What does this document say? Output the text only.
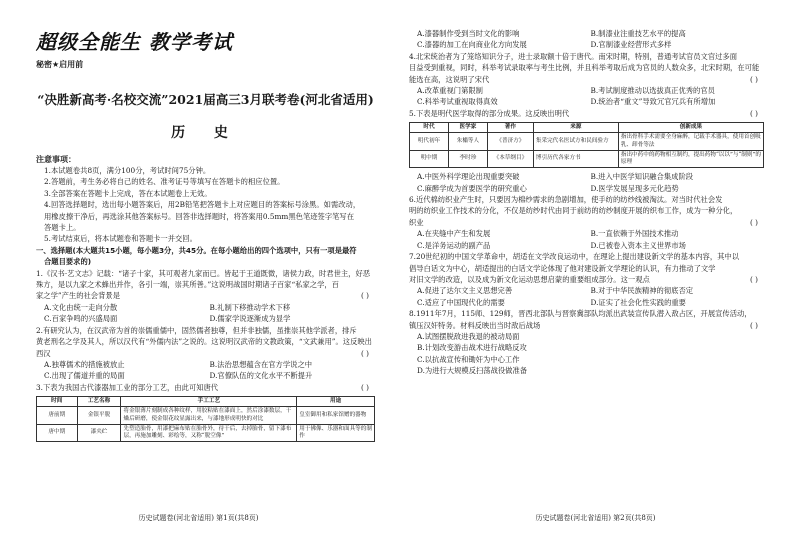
超级全能生 教学考试
秘密★启用前
“决胜新高考·名校交流”2021届高三3月联考卷(河北省适用)
历 史
注意事项：
1.本试题卷共8页，满分100分，考试时间75分钟。
2.答题前，考生务必将自己的姓名、准考证号等填写在答题卡的相应位置。
3.全部答案在答题卡上完成，答在本试题卷上无效。
4.回答选择题时，选出每小题答案后，用2B铅笔把答题卡上对应题目的答案标号涂黑。如需改动，
用橡皮擦干净后，再选涂其他答案标号。回答非选择题时，将答案用0.5mm黑色笔迹签字笔写在
答题卡上。
5.考试结束后，将本试题卷和答题卡一并交回。
一、选择题(本大题共15小题，每小题3分，共45分。在每小题给出的四个选项中，只有一项是最符
合题目要求的)
1.《汉书·艺文志》记载：“诸子十家，其可观者九家而已。皆起于王道既微，诸侯力政，时君世主，好恶
殊方，是以九家之术蜂出并作，各引一端，崇其所善。”这说明战国时期诸子百家“私家之学，百
家之学”产生的社会背景是	( )
A.文化由统一走向分散	B.礼制下移推动学术下移
C.百家争鸣的兴盛局面	D.儒家学说逐渐成为显学
2.有研究认为，在汉武帝为首的崇儒重儒中，固然儒者独尊，但并非独儒，虽推崇其他学派者，排斥
黄老刑名之学及其人，所以汉代有“外儒内法”之说的。这说明汉武帝的文教政策，“文武兼用”。这反映出
西汉	( )
A.独尊儒术的措施被放止	B.法治思想蕴含在官方学说之中
C.出现了儒道并重的局面	D.官僚队伍的文化水平不断提升
3.下表为我国古代漆器加工业的部分工艺，由此可知唐代	( )
时间	工艺名称	手工工艺	用途
唐前期	金银平脱	将金银薄片刻制成各种纹样，用胶粘贴在漆面上，然后涂漆数层，干燥后研磨，使金银花纹显露出来，与漆地形成明快的对比	皇室御用和私家馆赠的器物
唐中期	漆夹纻	先塑造胎骨，用漆把麻布贴在胎骨外，待干后，去掉胎骨，留下漆布层，再施加雕刻、彩绘等，又称“脱空像”	用于佛像、乐器和面具等的制作
历史试题卷(河北省适用) 第1页(共8页)
A.漆器制作受到当时文化的影响	B.制漆业注重技艺水平的提高
C.漆器的加工在向商业化方向发展	D.官制漆业经营形式多样
4.北宋统治者为了笼络知识分子，进士录取额十倍于唐代。南宋时期，特别，普通考试官员文官过多面
目益受到重视，同时，科举考试录取率与考生比例，并且科举考取后成为官员的人数众多，北宋时期，在可能
能选在高，这说明了宋代	( )
A.改革重视门第限制	B.考试制度推动以选拔真正优秀的官员
C.科举考试重视取得真效	D.统治者“重文”导致冗官冗兵有所增加
5.下表是明代医学取得的部分成果。这反映出明代	( )
时代	医学家	著作	来源	创新成果
明代初年	朱橚等人	《普济方》	集采完代名医试方和民间验方	指出骨科手术需要全身麻醉，记载手术器具，使用首创吸乳、卸骨等法
明中期	李时珍	《本草纲目》	博引历代各家方书	指出中药中的药物相互制约，提出药物“以以”与“制则”的原理
A.中医外科学理论出现重要突破	B.进入中医学知识融合集成阶段
C.麻醉学成为首要医学的研究重心	D.医学发展呈现多元化趋势
6.近代棉纺织业产生时，只要因为棉纱需求的急剧增加，使手纺的纺纱线被淘汰。对当时代社会发
明的纺织业工作技术的分化，不仅是纺纱时代由同于前纺的纺纱制度开展的织布工作，成为一种分化，
织业	( )
A.在夹缝中产生和发展	B.一直依赖于外国技术推动
C.是洋务运动的副产品	D.已被卷入资本主义世界市场
7.20世纪初的中国文学革命中，胡适在文学改良运动中，在理论上提出建设新文学的基本内容，其中以
倡导白话文为中心，胡适提出的白话文学论体现了他对建设新文学理论的认识，有力推动了文学
对旧文学的改造，以及成为新文化运动思想启蒙的重要组成部分。这一观点	( )
A.促进了达尔文主义思想完善	B.对于中华民族精神的彻底否定
C.适应了中国现代化的需要	D.证实了社会化性实践的重要
8.1911年7月，115师、129师，晋西北部队与晋察冀部队均派出武装宣传队潜入敌占区，开展宣传活动，
镇压汉奸特务。材料反映出当时敌后战场	( )
A.试图摆脱敌进我退的被动局面
B.计划改变游击战术进行战略反攻
C.以抗战宣传和锄奸为中心工作
D.为进行大规模反扫荡战役做准备
历史试题卷(河北省适用) 第2页(共8页)
